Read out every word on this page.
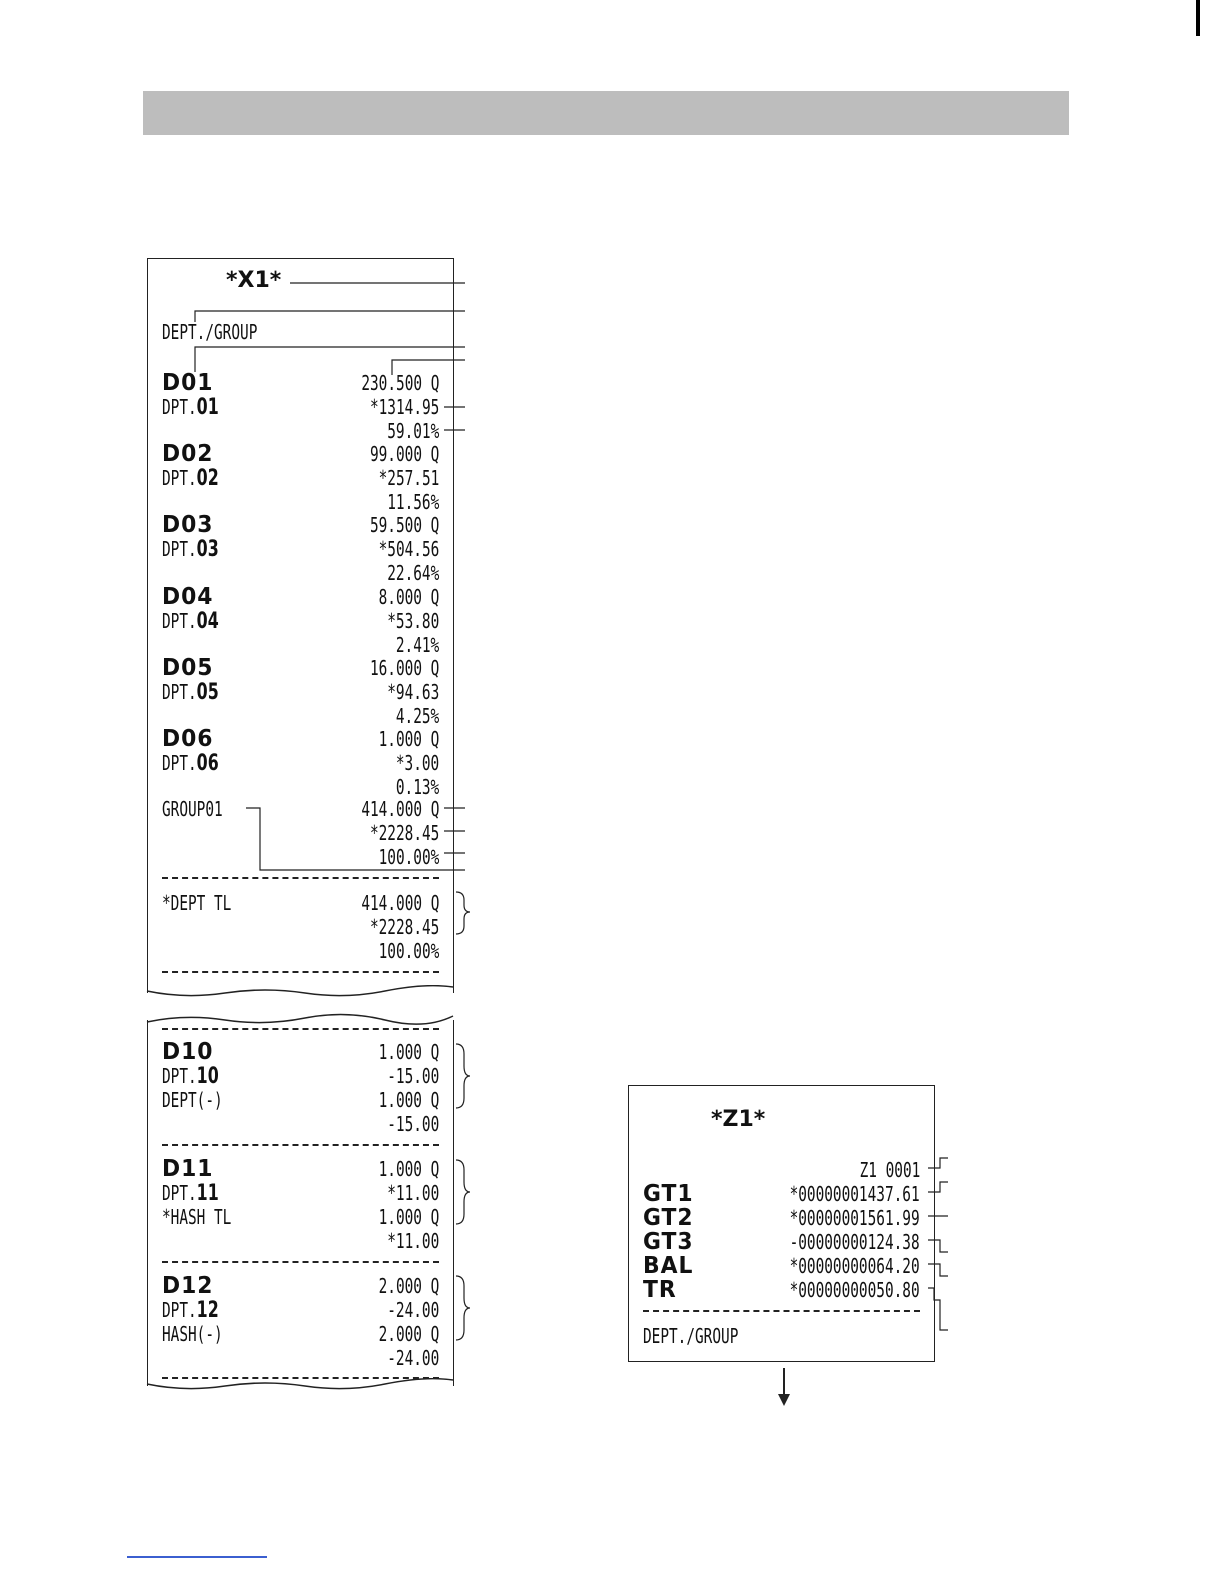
*X1*
DEPT./GROUP
D01	230.500 Q
DPT.01	*1314.95
59.01%
D02	99.000 Q
DPT.02	*257.51
11.56%
D03	59.500 Q
DPT.03	*504.56
22.64%
D04	8.000 Q
DPT.04	*53.80
2.41%
D05	16.000 Q
DPT.05	*94.63
4.25%
D06	1.000 Q
DPT.06	*3.00
0.13%
GROUP01	414.000 Q
*2228.45
100.00%
*DEPT TL	414.000 Q
*2228.45
100.00%
D10	1.000 Q
DPT.10	-15.00
DEPT(-)	1.000 Q
-15.00
D11	1.000 Q
DPT.11	*11.00
*HASH TL	1.000 Q
*11.00
D12	2.000 Q
DPT.12	-24.00
HASH(-)	2.000 Q
-24.00
*Z1*
Z1 0001
GT1	*00000001437.61
GT2	*00000001561.99
GT3	-00000000124.38
BAL	*00000000064.20
TR	*00000000050.80
DEPT./GROUP
